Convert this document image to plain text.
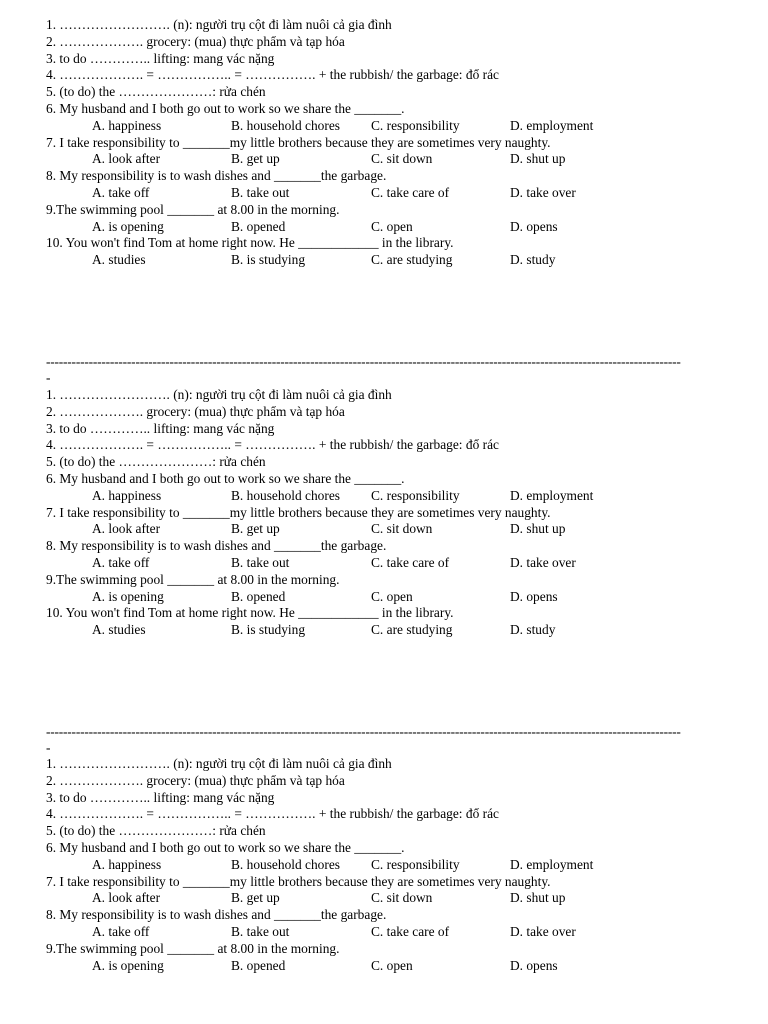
1. ……………………. (n): người trụ cột đi làm nuôi cả gia đình
2. ………………. grocery: (mua) thực phẩm và tạp hóa
3. to do ………….. lifting: mang vác nặng
4. ………………. = …………….. = ……………. + the rubbish/ the garbage: đổ rác
5. (to do) the …………………: rửa chén
6. My husband and I both go out to work so we share the _______.
A. happiness	B. household chores C. responsibility	D. employment
7. I take responsibility to _______my little brothers because they are sometimes very naughty.
A. look after	B. get up	C. sit down	D. shut up
8. My responsibility is to wash dishes and _______the garbage.
A. take off	B. take out	C. take care of	D. take over
9.The swimming pool _______ at 8.00 in the morning.
A. is opening	B. opened	C. open	D. opens
10. You won't find Tom at home right now. He ____________ in the library.
A. studies	B. is studying	C. are studying	D. study
-----------------------------------------------------------------------------------------------------------------------------------------------------
-
1. ……………………. (n): người trụ cột đi làm nuôi cả gia đình
2. ………………. grocery: (mua) thực phẩm và tạp hóa
3. to do ………….. lifting: mang vác nặng
4. ………………. = …………….. = ……………. + the rubbish/ the garbage: đổ rác
5. (to do) the …………………: rửa chén
6. My husband and I both go out to work so we share the _______.
A. happiness	B. household chores C. responsibility	D. employment
7. I take responsibility to _______my little brothers because they are sometimes very naughty.
A. look after	B. get up	C. sit down	D. shut up
8. My responsibility is to wash dishes and _______the garbage.
A. take off	B. take out	C. take care of	D. take over
9.The swimming pool _______ at 8.00 in the morning.
A. is opening	B. opened	C. open	D. opens
10. You won't find Tom at home right now. He ____________ in the library.
A. studies	B. is studying	C. are studying	D. study
-----------------------------------------------------------------------------------------------------------------------------------------------------
-
1. ……………………. (n): người trụ cột đi làm nuôi cả gia đình
2. ………………. grocery: (mua) thực phẩm và tạp hóa
3. to do ………….. lifting: mang vác nặng
4. ………………. = …………….. = ……………. + the rubbish/ the garbage: đổ rác
5. (to do) the …………………: rửa chén
6. My husband and I both go out to work so we share the _______.
A. happiness	B. household chores C. responsibility	D. employment
7. I take responsibility to _______my little brothers because they are sometimes very naughty.
A. look after	B. get up	C. sit down	D. shut up
8. My responsibility is to wash dishes and _______the garbage.
A. take off	B. take out	C. take care of	D. take over
9.The swimming pool _______ at 8.00 in the morning.
A. is opening	B. opened	C. open	D. opens
